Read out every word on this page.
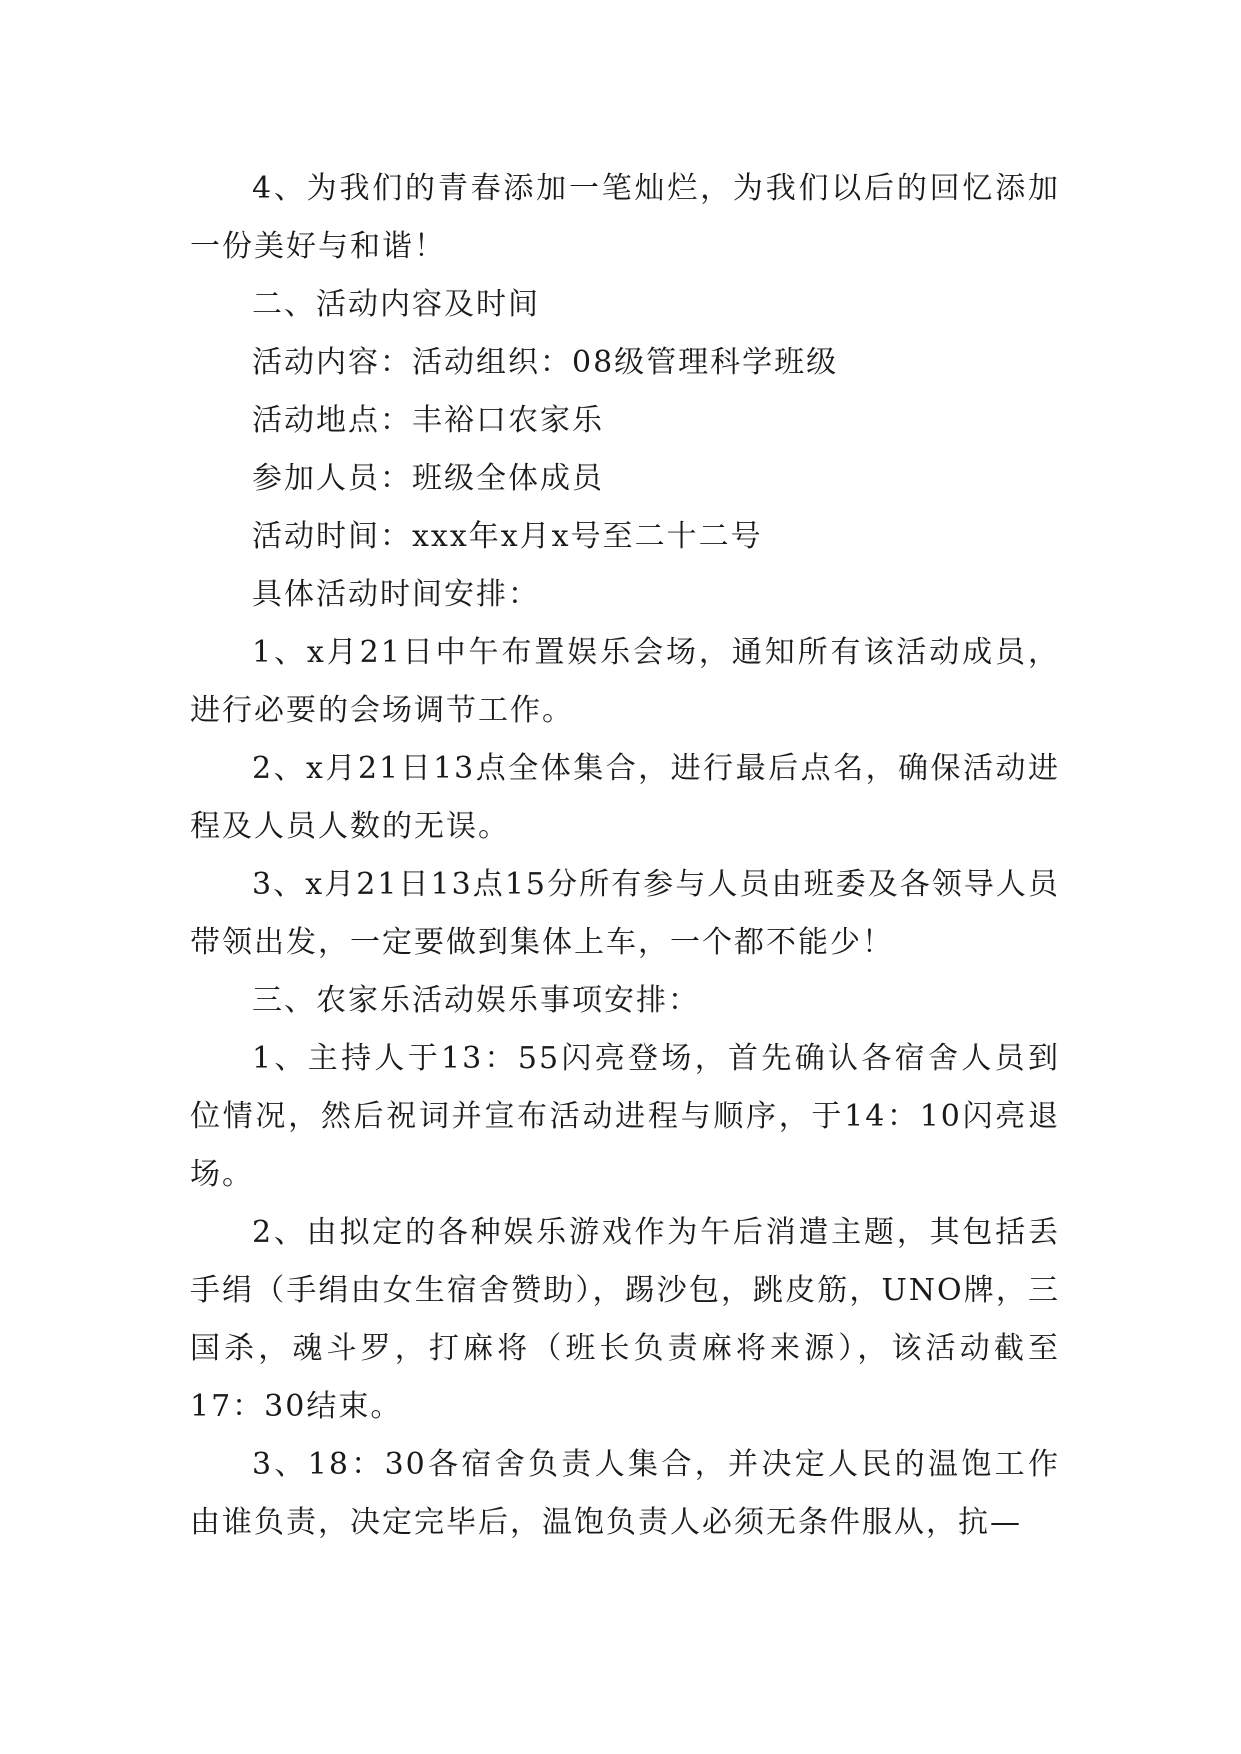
4、为我们的青春添加一笔灿烂，为我们以后的回忆添加一份美好与和谐！

二、活动内容及时间

活动内容：活动组织：08级管理科学班级

活动地点：丰裕口农家乐

参加人员：班级全体成员

活动时间：xxx年x月x号至二十二号

具体活动时间安排：

1、x月21日中午布置娱乐会场，通知所有该活动成员，进行必要的会场调节工作。

2、x月21日13点全体集合，进行最后点名，确保活动进程及人员人数的无误。

3、x月21日13点15分所有参与人员由班委及各领导人员带领出发，一定要做到集体上车，一个都不能少！

三、农家乐活动娱乐事项安排：

1、主持人于13：55闪亮登场，首先确认各宿舍人员到位情况，然后祝词并宣布活动进程与顺序，于14：10闪亮退场。

2、由拟定的各种娱乐游戏作为午后消遣主题，其包括丢手绢（手绢由女生宿舍赞助），踢沙包，跳皮筋，UNO牌，三国杀，魂斗罗，打麻将（班长负责麻将来源），该活动截至17：30结束。

3、18：30各宿舍负责人集合，并决定人民的温饱工作由谁负责，决定完毕后，温饱负责人必须无条件服从，抗—
